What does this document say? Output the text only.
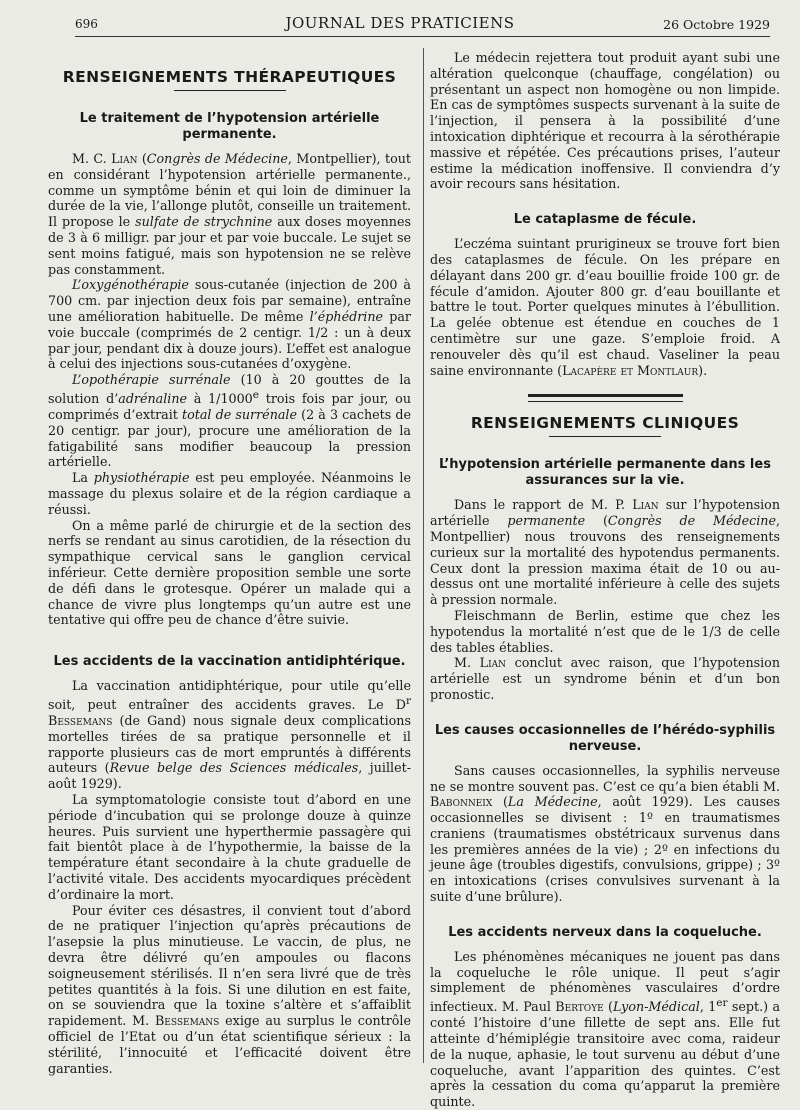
696	JOURNAL DES PRATICIENS	26 Octobre 1929
RENSEIGNEMENTS THÉRAPEUTIQUES
Le traitement de l’hypotension artérielle permanente.

M. C. Lian (Congrès de Médecine, Montpellier), tout en considérant l’hypotension artérielle permanente., comme un symptôme bénin et qui loin de diminuer la durée de la vie, l’allonge plutôt, conseille un traitement. Il propose le sulfate de strychnine aux doses moyennes de 3 à 6 milligr. par jour et par voie buccale. Le sujet se sent moins fatigué, mais son hypotension ne se relève pas constamment.

L’oxygénothérapie sous-cutanée (injection de 200 à 700 cm. par injection deux fois par semaine), entraîne une amélioration habituelle. De même l’éphédrine par voie buccale (comprimés de 2 centigr. 1/2 : un à deux par jour, pendant dix à douze jours). L’effet est analogue à celui des injections sous-cutanées d’oxygène.

L’opothérapie surrénale (10 à 20 gouttes de la solution d’adrénaline à 1/1000e trois fois par jour, ou comprimés d’extrait total de surrénale (2 à 3 cachets de 20 centigr. par jour), procure une amélioration de la fatigabilité sans modifier beaucoup la pression artérielle.

La physiothérapie est peu employée. Néanmoins le massage du plexus solaire et de la région cardiaque a réussi.

On a même parlé de chirurgie et de la section des nerfs se rendant au sinus carotidien, de la résection du sympathique cervical sans le ganglion cervical inférieur. Cette dernière proposition semble une sorte de défi dans le grotesque. Opérer un malade qui a chance de vivre plus longtemps qu’un autre est une tentative qui offre peu de chance d’être suivie.

Les accidents de la vaccination antidiphtérique.

La vaccination antidiphtérique, pour utile qu’elle soit, peut entraîner des accidents graves. Le $D^r$ Bessemans (de Gand) nous signale deux complications mortelles tirées de sa pratique personnelle et il rapporte plusieurs cas de mort empruntés à différents auteurs (Revue belge des Sciences médicales, juillet-août 1929).

La symptomatologie consiste tout d’abord en une période d’incubation qui se prolonge douze à quinze heures. Puis survient une hyperthermie passagère qui fait bientôt place à de l’hypothermie, la baisse de la température étant secondaire à la chute graduelle de l’activité vitale. Des accidents myocardiques précèdent d’ordinaire la mort.

Pour éviter ces désastres, il convient tout d’abord de ne pratiquer l’injection qu’après précautions de l’asepsie la plus minutieuse. Le vaccin, de plus, ne devra être délivré qu’en ampoules ou flacons soigneusement stérilisés. Il n’en sera livré que de très petites quantités à la fois. Si une dilution en est faite, on se souviendra que la toxine s’altère et s’affaiblit rapidement. M. Bessemans exige au surplus le contrôle officiel de l’Etat ou d’un état scientifique sérieux : la stérilité, l’innocuité et l’efficacité doivent être garanties.

Le médecin rejettera tout produit ayant subi une altération quelconque (chauffage, congélation) ou présentant un aspect non homogène ou non limpide. En cas de symptômes suspects survenant à la suite de l’injection, il pensera à la possibilité d’une intoxication diphtérique et recourra à la sérothérapie massive et répétée. Ces précautions prises, l’auteur estime la médication inoffensive. Il conviendra d’y avoir recours sans hésitation.

Le cataplasme de fécule.

L’eczéma suintant prurigineux se trouve fort bien des cataplasmes de fécule. On les prépare en délayant dans 200 gr. d’eau bouillie froide 100 gr. de fécule d’amidon. Ajouter 800 gr. d’eau bouillante et battre le tout. Porter quelques minutes à l’ébullition. La gelée obtenue est étendue en couches de 1 centimètre sur une gaze. S’emploie froid. A renouveler dès qu’il est chaud. Vaseliner la peau saine environnante (Lacapère et Montlaur).

RENSEIGNEMENTS CLINIQUES
L’hypotension artérielle permanente dans les assurances sur la vie.

Dans le rapport de M. P. Lian sur l’hypotension artérielle permanente (Congrès de Médecine, Montpellier) nous trouvons des renseignements curieux sur la mortalité des hypotendus permanents. Ceux dont la pression maxima était de 10 ou au-dessus ont une mortalité inférieure à celle des sujets à pression normale.

Fleischmann de Berlin, estime que chez les hypotendus la mortalité n’est que de le 1/3 de celle des tables établies.

M. Lian conclut avec raison, que l’hypotension artérielle est un syndrome bénin et d’un bon pronostic.

Les causes occasionnelles de l’hérédo-syphilis nerveuse.

Sans causes occasionnelles, la syphilis nerveuse ne se montre souvent pas. C’est ce qu’a bien établi M. Babonneix (La Médecine, août 1929). Les causes occasionnelles se divisent : 1º en traumatismes craniens (traumatismes obstétricaux survenus dans les premières années de la vie) ; 2º en infections du jeune âge (troubles digestifs, convulsions, grippe) ; 3º en intoxications (crises convulsives survenant à la suite d’une brûlure).

Les accidents nerveux dans la coqueluche.

Les phénomènes mécaniques ne jouent pas dans la coqueluche le rôle unique. Il peut s’agir simplement de phénomènes vasculaires d’ordre infectieux. M. Paul Bertoye (Lyon-Médical, 1er sept.) a conté l’histoire d’une fillette de sept ans. Elle fut atteinte d’hémiplégie transitoire avec coma, raideur de la nuque, aphasie, le tout survenu au début d’une coqueluche, avant l’apparition des quintes. C’est après la cessation du coma qu’apparut la première quinte.
